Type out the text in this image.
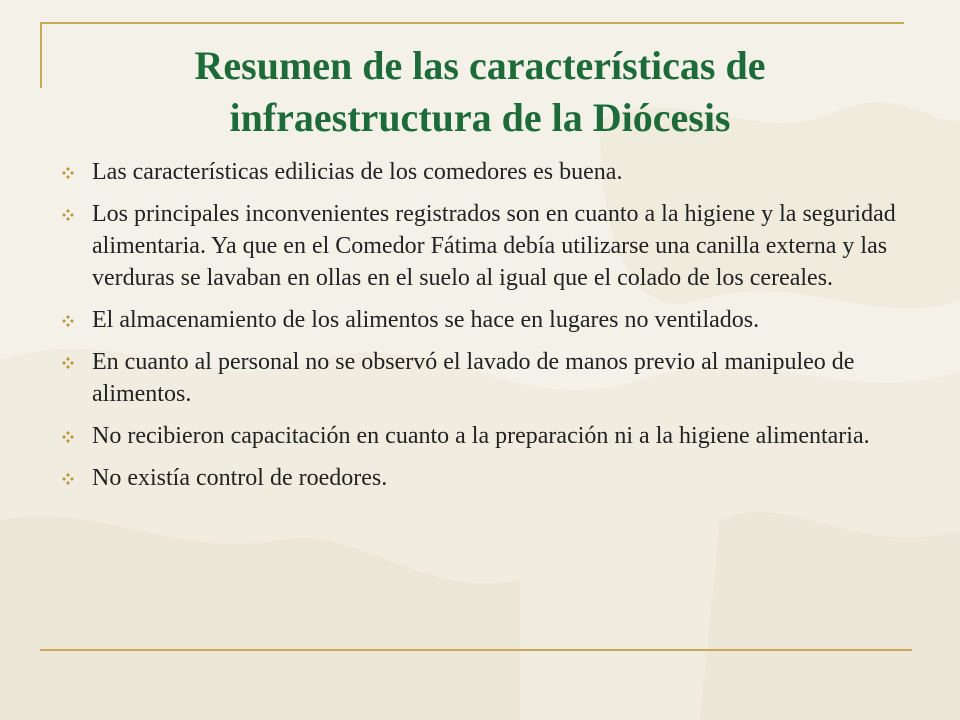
Resumen de las características de
infraestructura de la Diócesis
Las características edilicias de los comedores es buena.
Los principales inconvenientes registrados son en cuanto a la higiene y la seguridad alimentaria. Ya que en el Comedor Fátima debía utilizarse una canilla externa y las verduras se lavaban en ollas en el suelo al igual que el colado de los cereales.
El almacenamiento de los alimentos se hace en lugares no ventilados.
En cuanto al personal no se observó el lavado de manos previo al manipuleo de alimentos.
No recibieron capacitación en cuanto a la preparación ni a la higiene alimentaria.
No existía control de roedores.
